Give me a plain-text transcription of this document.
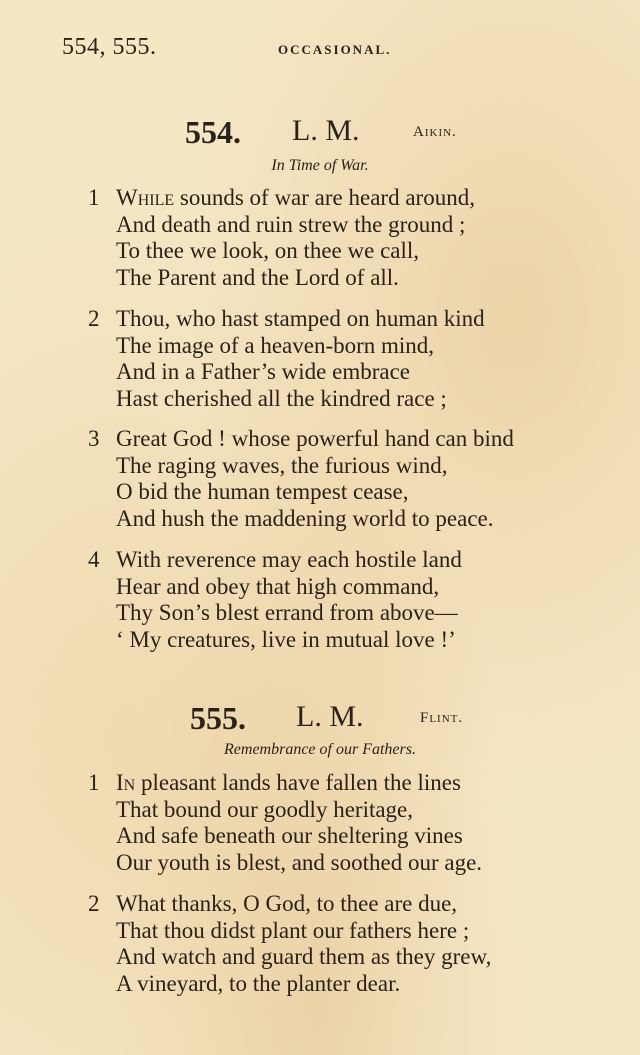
554, 555.	OCCASIONAL.
554. L. M.	Aikin.
In Time of War.
1 While sounds of war are heard around,
And death and ruin strew the ground ;
To thee we look, on thee we call,
The Parent and the Lord of all.
2 Thou, who hast stamped on human kind
The image of a heaven-born mind,
And in a Father’s wide embrace
Hast cherished all the kindred race ;
3 Great God ! whose powerful hand can bind
The raging waves, the furious wind,
O bid the human tempest cease,
And hush the maddening world to peace.
4 With reverence may each hostile land
Hear and obey that high command,
Thy Son’s blest errand from above—
‘ My creatures, live in mutual love !’
555. L. M.	Flint.
Remembrance of our Fathers.
1 In pleasant lands have fallen the lines
That bound our goodly heritage,
And safe beneath our sheltering vines
Our youth is blest, and soothed our age.
2 What thanks, O God, to thee are due,
That thou didst plant our fathers here ;
And watch and guard them as they grew,
A vineyard, to the planter dear.
